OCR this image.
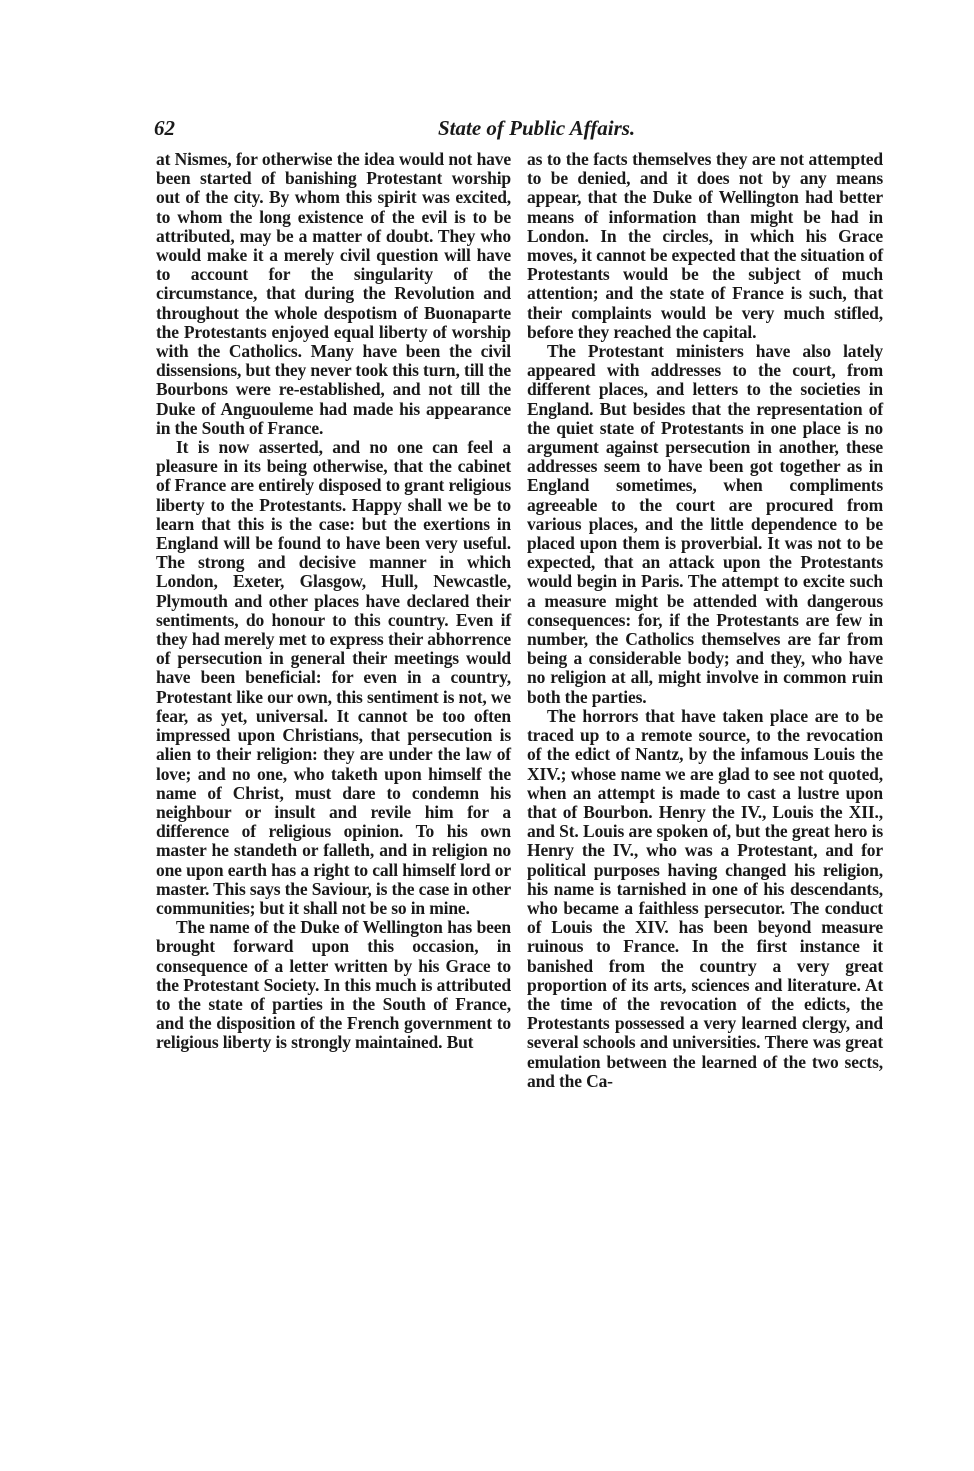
62	State of Public Affairs.

at Nismes, for otherwise the idea would not have been started of banishing Protestant worship out of the city. By whom this spirit was excited, to whom the long existence of the evil is to be attributed, may be a matter of doubt. They who would make it a merely civil question will have to account for the singularity of the circumstance, that during the Revolution and throughout the whole despotism of Buonaparte the Protestants enjoyed equal liberty of worship with the Catholics. Many have been the civil dissensions, but they never took this turn, till the Bourbons were re-established, and not till the Duke of Anguouleme had made his appearance in the South of France.

It is now asserted, and no one can feel a pleasure in its being otherwise, that the cabinet of France are entirely disposed to grant religious liberty to the Protestants. Happy shall we be to learn that this is the case: but the exertions in England will be found to have been very useful. The strong and decisive manner in which London, Exeter, Glasgow, Hull, Newcastle, Plymouth and other places have declared their sentiments, do honour to this country. Even if they had merely met to express their abhorrence of persecution in general their meetings would have been beneficial: for even in a country, Protestant like our own, this sentiment is not, we fear, as yet, universal. It cannot be too often impressed upon Christians, that persecution is alien to their religion: they are under the law of love; and no one, who taketh upon himself the name of Christ, must dare to condemn his neighbour or insult and revile him for a difference of religious opinion. To his own master he standeth or falleth, and in religion no one upon earth has a right to call himself lord or master. This says the Saviour, is the case in other communities; but it shall not be so in mine.

The name of the Duke of Wellington has been brought forward upon this occasion, in consequence of a letter written by his Grace to the Protestant Society. In this much is attributed to the state of parties in the South of France, and the disposition of the French government to religious liberty is strongly maintained. But

as to the facts themselves they are not attempted to be denied, and it does not by any means appear, that the Duke of Wellington had better means of information than might be had in London. In the circles, in which his Grace moves, it cannot be expected that the situation of Protestants would be the subject of much attention; and the state of France is such, that their complaints would be very much stifled, before they reached the capital.

The Protestant ministers have also lately appeared with addresses to the court, from different places, and letters to the societies in England. But besides that the representation of the quiet state of Protestants in one place is no argument against persecution in another, these addresses seem to have been got together as in England sometimes, when compliments agreeable to the court are procured from various places, and the little dependence to be placed upon them is proverbial. It was not to be expected, that an attack upon the Protestants would begin in Paris. The attempt to excite such a measure might be attended with dangerous consequences: for, if the Protestants are few in number, the Catholics themselves are far from being a considerable body; and they, who have no religion at all, might involve in common ruin both the parties.

The horrors that have taken place are to be traced up to a remote source, to the revocation of the edict of Nantz, by the infamous Louis the XIV.; whose name we are glad to see not quoted, when an attempt is made to cast a lustre upon that of Bourbon. Henry the IV., Louis the XII., and St. Louis are spoken of, but the great hero is Henry the IV., who was a Protestant, and for political purposes having changed his religion, his name is tarnished in one of his descendants, who became a faithless persecutor. The conduct of Louis the XIV. has been beyond measure ruinous to France. In the first instance it banished from the country a very great proportion of its arts, sciences and literature. At the time of the revocation of the edicts, the Protestants possessed a very learned clergy, and several schools and universities. There was great emulation between the learned of the two sects, and the Ca-
